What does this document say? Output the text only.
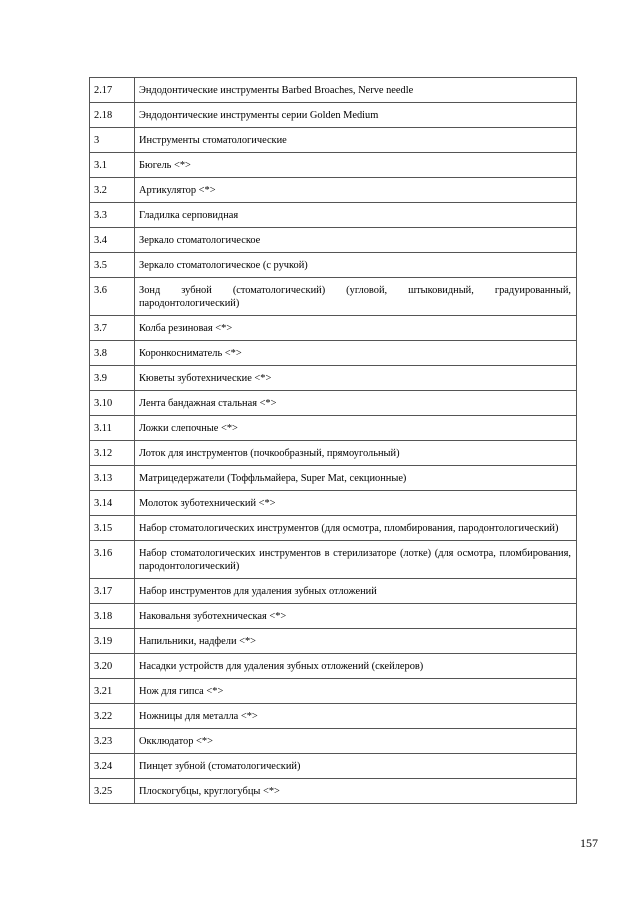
2.17	Эндодонтические инструменты Barbed Broaches, Nerve needle
2.18	Эндодонтические инструменты серии Golden Medium
3	Инструменты стоматологические
3.1	Бюгель <*>
3.2	Артикулятор <*>
3.3	Гладилка серповидная
3.4	Зеркало стоматологическое
3.5	Зеркало стоматологическое (с ручкой)
3.6	Зонд зубной (стоматологический) (угловой, штыковидный, градуированный, пародонтологический)
3.7	Колба резиновая <*>
3.8	Коронкосниматель <*>
3.9	Кюветы зуботехнические <*>
3.10	Лента бандажная стальная <*>
3.11	Ложки слепочные <*>
3.12	Лоток для инструментов (почкообразный, прямоугольный)
3.13	Матрицедержатели (Тоффльмайера, Super Mat, секционные)
3.14	Молоток зуботехнический <*>
3.15	Набор стоматологических инструментов (для осмотра, пломбирования, пародонтологический)
3.16	Набор стоматологических инструментов в стерилизаторе (лотке) (для осмотра, пломбирования, пародонтологический)
3.17	Набор инструментов для удаления зубных отложений
3.18	Наковальня зуботехническая <*>
3.19	Напильники, надфели <*>
3.20	Насадки устройств для удаления зубных отложений (скейлеров)
3.21	Нож для гипса <*>
3.22	Ножницы для металла <*>
3.23	Окклюдатор <*>
3.24	Пинцет зубной (стоматологический)
3.25	Плоскогубцы, круглогубцы <*>
157
